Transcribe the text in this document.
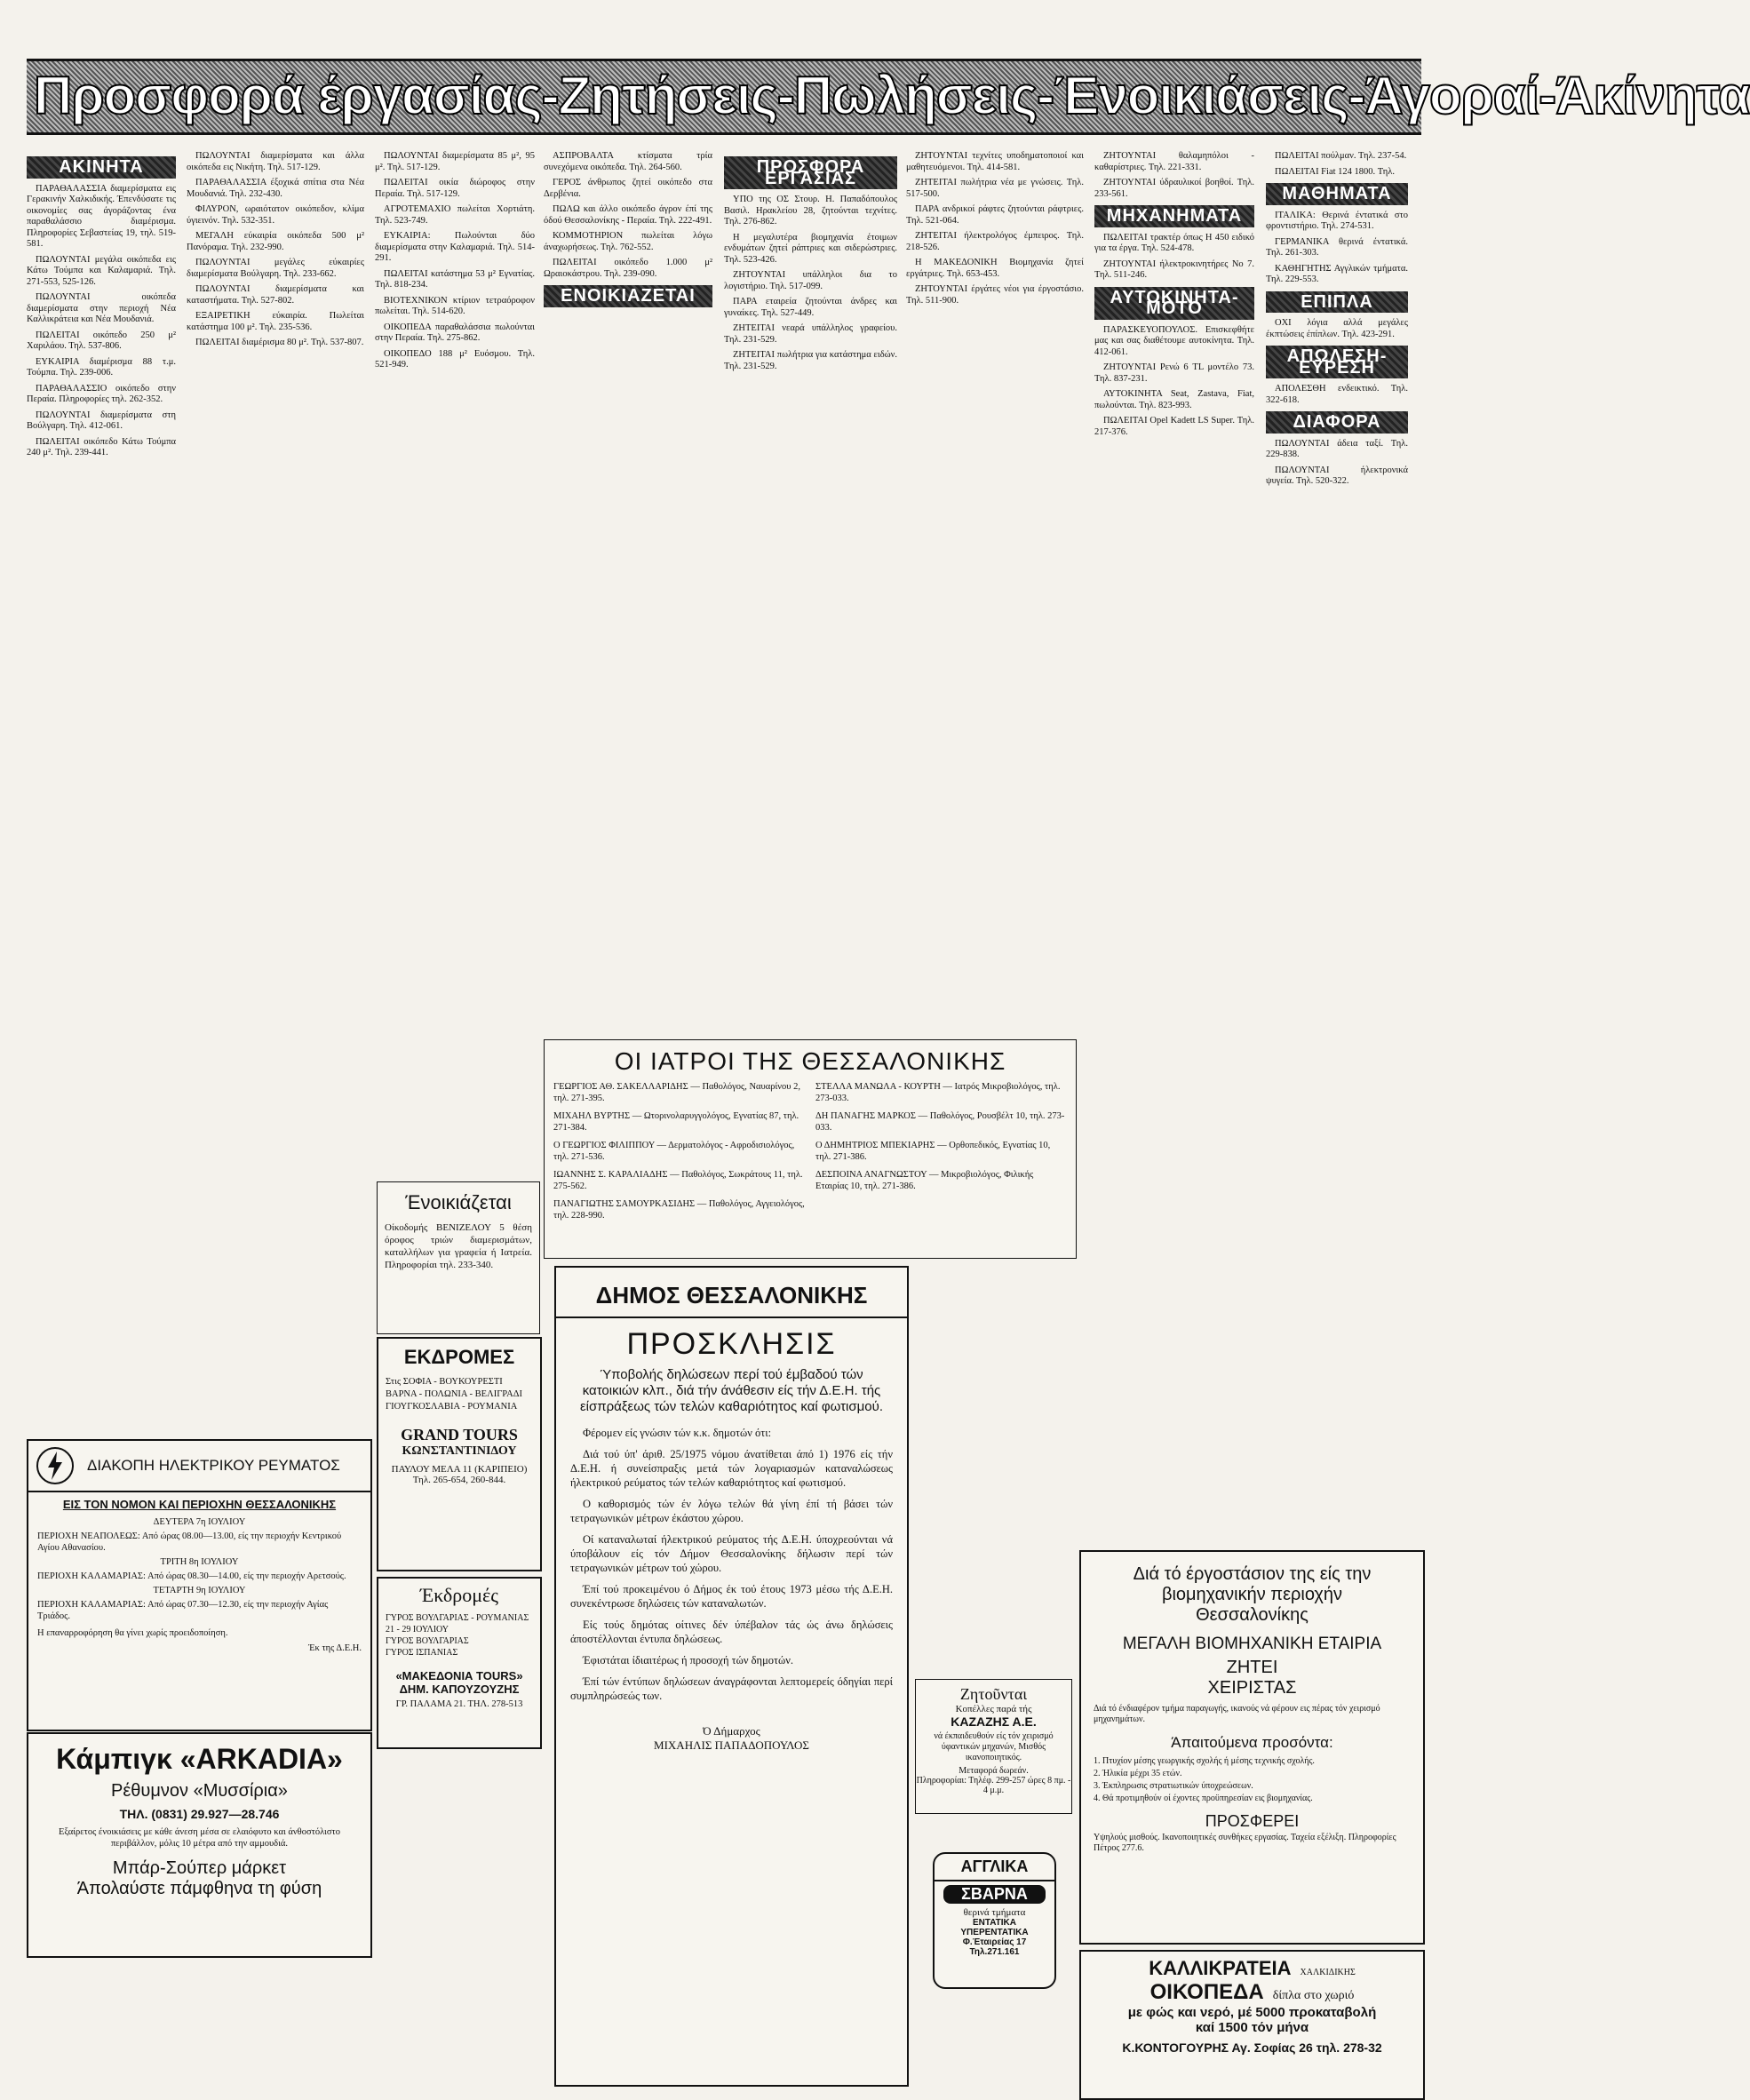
Προσφορά έργασίας-Ζητήσεις-Πωλήσεις-Ένοικιάσεις-Άγοραί-Άκίνητα
ΑΚΙΝΗΤΑ

ΠΑΡΑΘΑΛΑΣΣΙΑ διαμερίσματα εις Γερακινήν Χαλκιδικής. Έπενδύσατε τις οικονομίες σας άγοράζοντας ένα παραθαλάσσιο διαμέρισμα. Πληροφορίες Σεβαστείας 19, τηλ. 519-581.

ΠΩΛΟΥΝΤΑΙ μεγάλα οικόπεδα εις Κάτω Τούμπα και Καλαμαριά. Τηλ. 271-553, 525-126.

ΠΩΛΟΥΝΤΑΙ οικόπεδα διαμερίσματα στην περιοχή Νέα Καλλικράτεια και Νέα Μουδανιά.

ΠΩΛΕΙΤΑΙ οικόπεδο 250 μ² Χαριλάου. Τηλ. 537-806.

ΕΥΚΑΙΡΙΑ διαμέρισμα 88 τ.μ. Τούμπα. Τηλ. 239-006.

ΠΑΡΑΘΑΛΑΣΣΙΟ οικόπεδο στην Περαία. Πληροφορίες τηλ. 262-352.

ΠΩΛΟΥΝΤΑΙ διαμερίσματα στη Βούλγαρη. Τηλ. 412-061.

ΠΩΛΕΙΤΑΙ οικόπεδο Κάτω Τούμπα 240 μ². Τηλ. 239-441.

ΠΩΛΟΥΝΤΑΙ διαμερίσματα και άλλα οικόπεδα εις Νικήτη. Τηλ. 517-129.

ΠΑΡΑΘΑΛΑΣΣΙΑ έξοχικά σπίτια στα Νέα Μουδανιά. Τηλ. 232-430.

ΦΙΛΥΡΟΝ, ωραιότατον οικόπεδον, κλίμα ύγιεινόν. Τηλ. 532-351.

ΜΕΓΑΛΗ εύκαιρία οικόπεδα 500 μ² Πανόραμα. Τηλ. 232-990.

ΠΩΛΟΥΝΤΑΙ μεγάλες εύκαιρίες διαμερίσματα Βούλγαρη. Τηλ. 233-662.

ΠΩΛΟΥΝΤΑΙ διαμερίσματα και καταστήματα. Τηλ. 527-802.

ΕΞΑΙΡΕΤΙΚΗ εύκαιρία. Πωλείται κατάστημα 100 μ². Τηλ. 235-536.

ΠΩΛΕΙΤΑΙ διαμέρισμα 80 μ². Τηλ. 537-807.

ΠΩΛΟΥΝΤΑΙ διαμερίσματα 85 μ², 95 μ². Τηλ. 517-129.

ΠΩΛΕΙΤΑΙ οικία διώροφος στην Περαία. Τηλ. 517-129.

ΑΓΡΟΤΕΜΑΧΙΟ πωλείται Χορτιάτη. Τηλ. 523-749.

ΕΥΚΑΙΡΙΑ: Πωλούνται δύο διαμερίσματα στην Καλαμαριά. Τηλ. 514-291.

ΠΩΛΕΙΤΑΙ κατάστημα 53 μ² Εγνατίας. Τηλ. 818-234.

ΒΙΟΤΕΧΝΙΚΟΝ κτίριον τετραόροφον πωλείται. Τηλ. 514-620.

ΟΙΚΟΠΕΔΑ παραθαλάσσια πωλούνται στην Περαία. Τηλ. 275-862.

ΟΙΚΟΠΕΔΟ 188 μ² Ευόσμου. Τηλ. 521-949.

ΑΣΠΡΟΒΑΛΤΑ κτίσματα τρία συνεχόμενα οικόπεδα. Τηλ. 264-560.

ΓΕΡΟΣ άνθρωπος ζητεί οικόπεδο στα Δερβένια.

ΠΩΛΩ και άλλο οικόπεδο άγρον έπί της όδού Θεσσαλονίκης - Περαία. Τηλ. 222-491.

ΚΟΜΜΟΤΗΡΙΟΝ πωλείται λόγω άναχωρήσεως. Τηλ. 762-552.

ΠΩΛΕΙΤΑΙ οικόπεδο 1.000 μ² Ωραιοκάστρου. Τηλ. 239-090.

ΕΝΟΙΚΙΑΖΕΤΑΙ
ΠΡΟΣΦΟΡΑ ΕΡΓΑΣΙΑΣ

ΥΠΟ της ΟΣ Στουρ. Η. Παπαδόπουλος Βασιλ. Ηρακλείου 28, ζητούνται τεχνίτες. Τηλ. 276-862.

Η μεγαλυτέρα βιομηχανία έτοιμων ενδυμάτων ζητεί ράπτριες και σιδερώστριες. Τηλ. 523-426.

ΖΗΤΟΥΝΤΑΙ υπάλληλοι δια το λογιστήριο. Τηλ. 517-099.

ΠΑΡΑ εταιρεία ζητούνται άνδρες και γυναίκες. Τηλ. 527-449.

ΖΗΤΕΙΤΑΙ νεαρά υπάλληλος γραφείου. Τηλ. 231-529.

ΖΗΤΕΙΤΑΙ πωλήτρια για κατάστημα ειδών. Τηλ. 231-529.

ΖΗΤΟΥΝΤΑΙ τεχνίτες υποδηματοποιοί και μαθητευόμενοι. Τηλ. 414-581.

ΖΗΤΕΙΤΑΙ πωλήτρια νέα με γνώσεις. Τηλ. 517-500.

ΠΑΡΑ ανδρικοί ράφτες ζητούνται ράφτριες. Τηλ. 521-064.

ΖΗΤΕΙΤΑΙ ήλεκτρολόγος έμπειρος. Τηλ. 218-526.

Η ΜΑΚΕΔΟΝΙΚΗ Βιομηχανία ζητεί εργάτριες. Τηλ. 653-453.

ΖΗΤΟΥΝΤΑΙ έργάτες νέοι για έργοστάσιο. Τηλ. 511-900.

ΖΗΤΟΥΝΤΑΙ θαλαμηπόλοι - καθαρίστριες. Τηλ. 221-331.

ΖΗΤΟΥΝΤΑΙ ύδραυλικοί βοηθοί. Τηλ. 233-561.

ΜΗΧΑΝΗΜΑΤΑ

ΠΩΛΕΙΤΑΙ τρακτέρ όπως Η 450 ειδικό για τα έργα. Τηλ. 524-478.

ΖΗΤΟΥΝΤΑΙ ήλεκτροκινητήρες Νο 7. Τηλ. 511-246.

ΑΥΤΟΚΙΝΗΤΑ-ΜΟΤΟ

ΠΑΡΑΣΚΕΥΟΠΟΥΛΟΣ. Επισκεφθήτε μας και σας διαθέτουμε αυτοκίνητα. Τηλ. 412-061.

ΖΗΤΟΥΝΤΑΙ Ρενώ 6 TL μοντέλο 73. Τηλ. 837-231.

ΑΥΤΟΚΙΝΗΤΑ Seat, Zastava, Fiat, πωλούνται. Τηλ. 823-993.

ΠΩΛΕΙΤΑΙ Opel Kadett LS Super. Τηλ. 217-376.

ΠΩΛΕΙΤΑΙ πούλμαν. Τηλ. 237-54.

ΠΩΛΕΙΤΑΙ Fiat 124 1800. Τηλ.

ΜΑΘΗΜΑΤΑ

ΙΤΑΛΙΚΑ: Θερινά έντατικά στο φροντιστήριο. Τηλ. 274-531.

ΓΕΡΜΑΝΙΚΑ θερινά έντατικά. Τηλ. 261-303.

ΚΑΘΗΓΗΤΗΣ Αγγλικών τμήματα. Τηλ. 229-553.

ΕΠΙΠΛΑ

ΟΧΙ λόγια αλλά μεγάλες έκπτώσεις έπίπλων. Τηλ. 423-291.

ΑΠΩΛΕΣΗ-ΕΥΡΕΣΗ

ΑΠΟΛΕΣΘΗ ενδεικτικό. Τηλ. 322-618.

ΔΙΑΦΟΡΑ

ΠΩΛΟΥΝΤΑΙ άδεια ταξί. Τηλ. 229-838.

ΠΩΛΟΥΝΤΑΙ ήλεκτρονικά ψυγεία. Τηλ. 520-322.

Ένοικιάζεται
Οίκοδομής ΒΕΝΙΖΕΛΟΥ 5 θέση όροφος τριών διαμερισμάτων, καταλλήλων για γραφεία ή Ιατρεία. Πληροφορίαι τηλ. 233-340.
ΕΚΔΡΟΜΕΣ
Στις ΣΟΦΙΑ - ΒΟΥΚΟΥΡΕΣΤΙ
ΒΑΡΝΑ - ΠΟΛΩΝΙΑ - ΒΕΛΙΓΡΑΔΙ
ΓΙΟΥΓΚΟΣΛΑΒΙΑ - ΡΟΥΜΑΝΙΑ
GRAND TOURS
ΚΩΝΣΤΑΝΤΙΝΙΔΟΥ
ΠΑΥΛΟΥ ΜΕΛΑ 11 (ΚΑΡΙΠΕΙΟ)
Τηλ. 265-654, 260-844.
Έκδρομές
ΓΥΡΟΣ ΒΟΥΛΓΑΡΙΑΣ - ΡΟΥΜΑΝΙΑΣ 21 - 29 ΙΟΥΛΙΟΥ
ΓΥΡΟΣ ΒΟΥΛΓΑΡΙΑΣ
ΓΥΡΟΣ ΙΣΠΑΝΙΑΣ
«ΜΑΚΕΔΟΝΙΑ TOURS»
ΔΗΜ. ΚΑΠΟΥΖΟΥΖΗΣ
ΓΡ. ΠΑΛΑΜΑ 21. ΤΗΛ. 278-513
ΔΙΑΚΟΠΗ ΗΛΕΚΤΡΙΚΟΥ ΡΕΥΜΑΤΟΣ
ΕΙΣ ΤΟΝ ΝΟΜΟΝ ΚΑΙ ΠΕΡΙΟΧΗΝ ΘΕΣΣΑΛΟΝΙΚΗΣ
ΔΕΥΤΕΡΑ 7η ΙΟΥΛΙΟΥ
ΠΕΡΙΟΧΗ ΝΕΑΠΟΛΕΩΣ: Από ώρας 08.00—13.00, είς την περιοχήν Κεντρικού Αγίου Αθανασίου.
ΤΡΙΤΗ 8η ΙΟΥΛΙΟΥ
ΠΕΡΙΟΧΗ ΚΑΛΑΜΑΡΙΑΣ: Από ώρας 08.30—14.00, είς την περιοχήν Αρετσούς.
ΤΕΤΑΡΤΗ 9η ΙΟΥΛΙΟΥ
ΠΕΡΙΟΧΗ ΚΑΛΑΜΑΡΙΑΣ: Από ώρας 07.30—12.30, είς την περιοχήν Αγίας Τριάδος.
Η επαναρροφόρηση θα γίνει χωρίς προειδοποίηση.
Έκ της Δ.Ε.Η.
Κάμπιγκ «ARKADIA»
Ρέθυμνον «Μυσσίρια»
ΤΗΛ. (0831) 29.927—28.746
Εξαίρετος ένοικιάσεις με κάθε άνεση μέσα σε ελαιόφυτο και άνθοστόλιστο περιβάλλον, μόλις 10 μέτρα από την αμμουδιά.
Μπάρ-Σούπερ μάρκετ
Άπολαύστε πάμφθηνα τη φύση
ΟΙ ΙΑΤΡΟΙ ΤΗΣ ΘΕΣΣΑΛΟΝΙΚΗΣ

ΓΕΩΡΓΙΟΣ ΑΘ. ΣΑΚΕΛΛΑΡΙΔΗΣ — Παθολόγος, Ναυαρίνου 2, τηλ. 271-395.

ΜΙΧΑΗΛ ΒΥΡΤΗΣ — Ωτορινολαρυγγολόγος, Εγνατίας 87, τηλ. 271-384.

Ο ΓΕΩΡΓΙΟΣ ΦΙΛΙΠΠΟΥ — Δερματολόγος - Αφροδισιολόγος, τηλ. 271-536.

ΙΩΑΝΝΗΣ Σ. ΚΑΡΑΛΙΑΔΗΣ — Παθολόγος, Σωκράτους 11, τηλ. 275-562.

ΠΑΝΑΓΙΩΤΗΣ ΣΑΜΟΥΡΚΑΣΙΔΗΣ — Παθολόγος, Αγγειολόγος, τηλ. 228-990.

ΣΤΕΛΛΑ ΜΑΝΩΛΑ - ΚΟΥΡΤΗ — Ιατρός Μικροβιολόγος, τηλ. 273-033.

ΔΗ ΠΑΝΑΓΗΣ ΜΑΡΚΟΣ — Παθολόγος, Ρουσβέλτ 10, τηλ. 273-033.

Ο ΔΗΜΗΤΡΙΟΣ ΜΠΕΚΙΑΡΗΣ — Ορθοπεδικός, Εγνατίας 10, τηλ. 271-386.

ΔΕΣΠΟΙΝΑ ΑΝΑΓΝΩΣΤΟΥ — Μικροβιολόγος, Φιλικής Εταιρίας 10, τηλ. 271-386.

ΔΗΜΟΣ ΘΕΣΣΑΛΟΝΙΚΗΣ
ΠΡΟΣΚΛΗΣΙΣ
Ύποβολής δηλώσεων περί τού έμβαδού τών κατοικιών κλπ., διά τήν άνάθεσιν είς τήν Δ.Ε.Η. τής είσπράξεως τών τελών καθαριότητος καί φωτισμού.

Φέρομεν είς γνώσιν τών κ.κ. δημοτών ότι:

Διά τού ύπ' άριθ. 25/1975 νόμου άνατίθεται άπό 1) 1976 είς τήν Δ.Ε.Η. ή συνείσπραξις μετά τών λογαριασμών καταναλώσεως ήλεκτρικού ρεύματος τών τελών καθαριότητος καί φωτισμού.

Ο καθορισμός τών έν λόγω τελών θά γίνη έπί τή βάσει τών τετραγωνικών μέτρων έκάστου χώρου.

Οί καταναλωταί ήλεκτρικού ρεύματος τής Δ.Ε.Η. ύποχρεούνται νά ύποβάλουν είς τόν Δήμον Θεσσαλονίκης δήλωσιν περί τών τετραγωνικών μέτρων τού χώρου.

Έπί τού προκειμένου ό Δήμος έκ τού έτους 1973 μέσω τής Δ.Ε.Η. συνεκέντρωσε δηλώσεις τών καταναλωτών.

Είς τούς δημότας οίτινες δέν ύπέβαλον τάς ώς άνω δηλώσεις άποστέλλονται έντυπα δηλώσεως.

Έφιστάται ίδιαιτέρως ή προσοχή τών δημοτών.

Έπί τών έντύπων δηλώσεων άναγράφονται λεπτομερείς όδηγίαι περί συμπληρώσεώς των.

Ό Δήμαρχος
ΜΙΧΑΗΛΙΣ ΠΑΠΑΔΟΠΟΥΛΟΣ
Ζητοῦνται
Κοπέλλες παρά τής
ΚΑΖΑΖΗΣ Α.Ε.
νά έκπαιδευθούν είς τόν χειρισμό ύφαντικών μηχανών, Μισθός ικανοποιητικός.
Μεταφορά δωρεάν.
Πληροφορίαι: Τηλέφ. 299-257 ώρες 8 πμ. - 4 μ.μ.
ΑΓΓΛΙΚΑ
ΣΒΑΡΝΑ
θερινά τμήματα
ΕΝΤΑΤΙΚΑ
ΥΠΕΡΕΝΤΑΤΙΚΑ
Φ.Έταιρείας 17
Τηλ.271.161
Διά τό έργοστάσιον της είς την
βιομηχανικήν περιοχήν
Θεσσαλονίκης
ΜΕΓΑΛΗ ΒΙΟΜΗΧΑΝΙΚΗ ΕΤΑΙΡΙΑ
ΖΗΤΕΙ
ΧΕΙΡΙΣΤΑΣ
Διά τό ένδιαφέρον τμήμα παραγωγής, ικανούς νά φέρουν εις πέρας τόν χειρισμό μηχανημάτων.
Άπαιτούμενα προσόντα:
1. Πτυχίον μέσης γεωργικής σχολής ή μέσης τεχνικής σχολής.
2. Ήλικία μέχρι 35 ετών.
3. Έκπληρωσις στρατιωτικών ύποχρεώσεων.
4. Θά προτιμηθούν οί έχοντες προϋπηρεσίαν εις βιομηχανίας.
ΠΡΟΣΦΕΡΕΙ
Υψηλούς μισθούς. Ικανοποιητικές συνθήκες εργασίας. Ταχεία εξέλιξη. Πληροφορίες Πέτρος 277.6.
ΚΑΛΛΙΚΡΑΤΕΙΑ ΧΑΛΚΙΔΙΚΗΣ
ΟΙΚΟΠΕΔΑ δίπλα στο χωριό
με φώς και νερό, μέ 5000 προκαταβολή
καί 1500 τόν μήνα
Κ.ΚΟΝΤΟΓΟΥΡΗΣ Αγ. Σοφίας 26 τηλ. 278-32
